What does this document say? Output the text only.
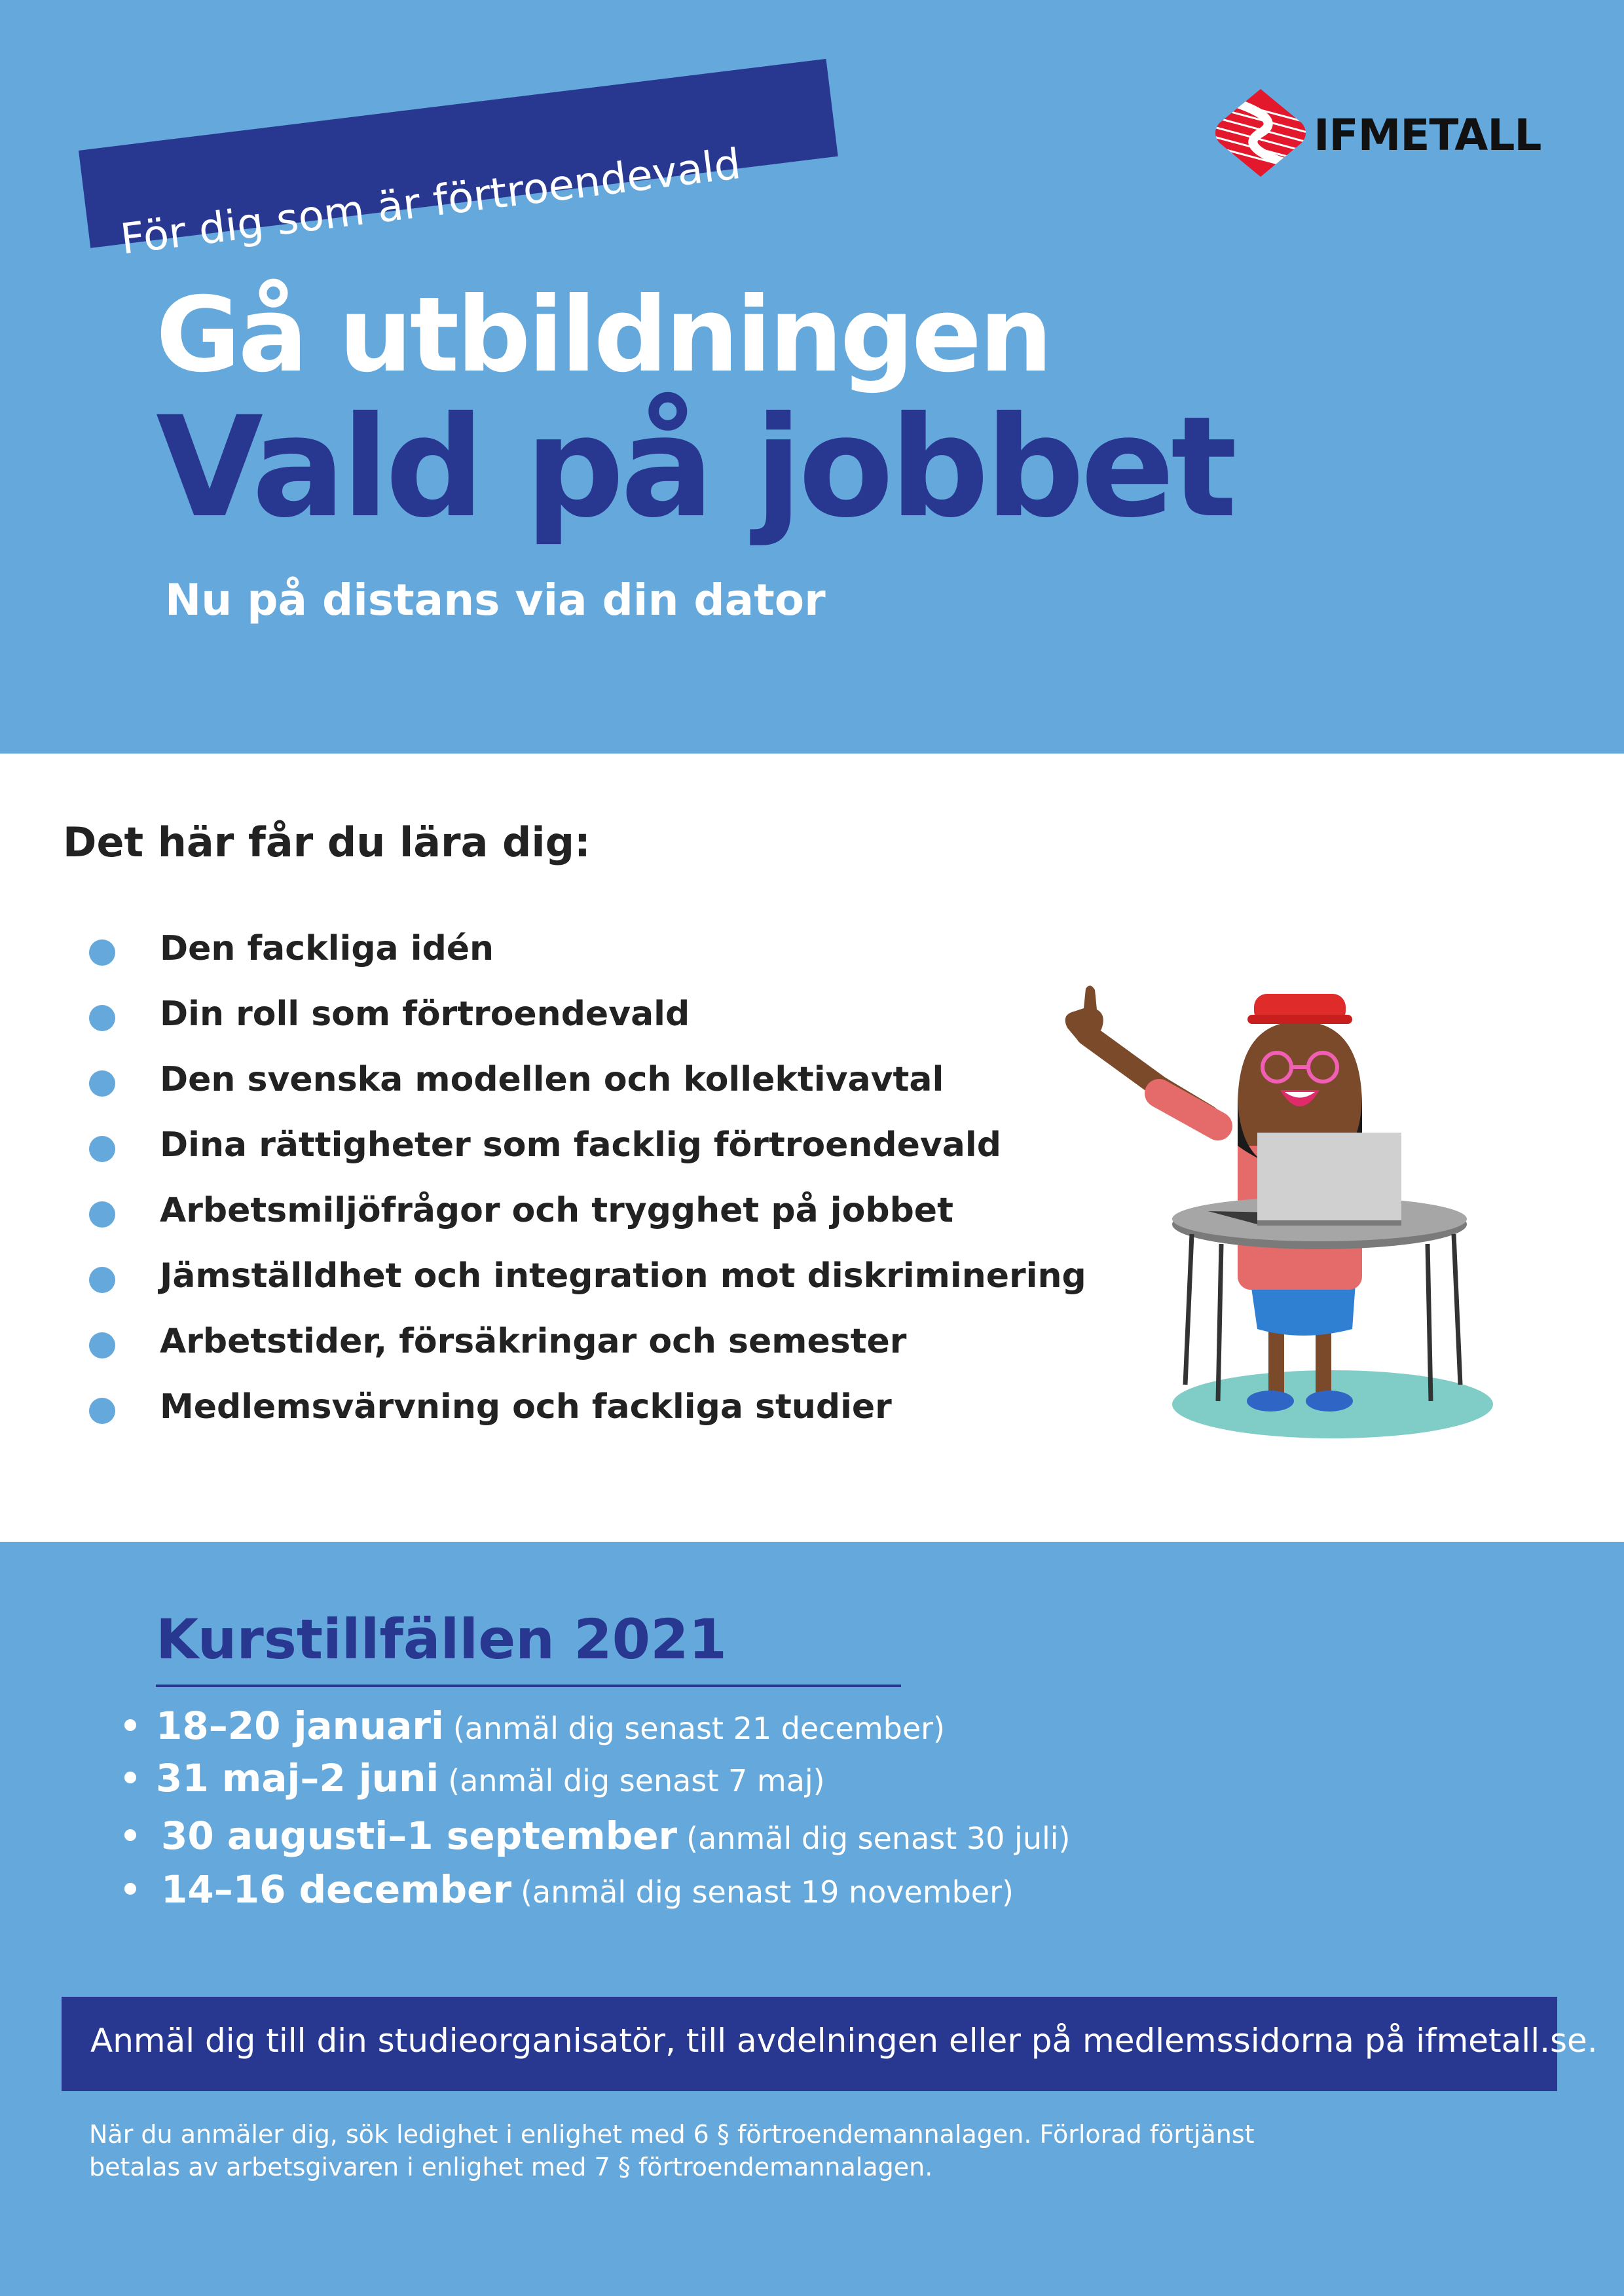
IFMETALL
För dig som är förtroendevald
Gå utbildningen
Vald på jobbet
Nu på distans via din dator
Det här får du lära dig:
Den fackliga idén
Din roll som förtroendevald
Den svenska modellen och kollektivavtal
Dina rättigheter som facklig förtroendevald
Arbetsmiljöfrågor och trygghet på jobbet
Jämställdhet och integration mot diskriminering
Arbetstider, försäkringar och semester
Medlemsvärvning och fackliga studier
Kurstillfällen 2021
18–20 januari (anmäl dig senast 21 december)
31 maj–2 juni (anmäl dig senast 7 maj)
30 augusti–1 september (anmäl dig senast 30 juli)
14–16 december (anmäl dig senast 19 november)
Anmäl dig till din studieorganisatör, till avdelningen eller på medlemssidorna på ifmetall.se.
När du anmäler dig, sök ledighet i enlighet med 6 § förtroendemannalagen. Förlorad förtjänst
betalas av arbetsgivaren i enlighet med 7 § förtroendemannalagen.
